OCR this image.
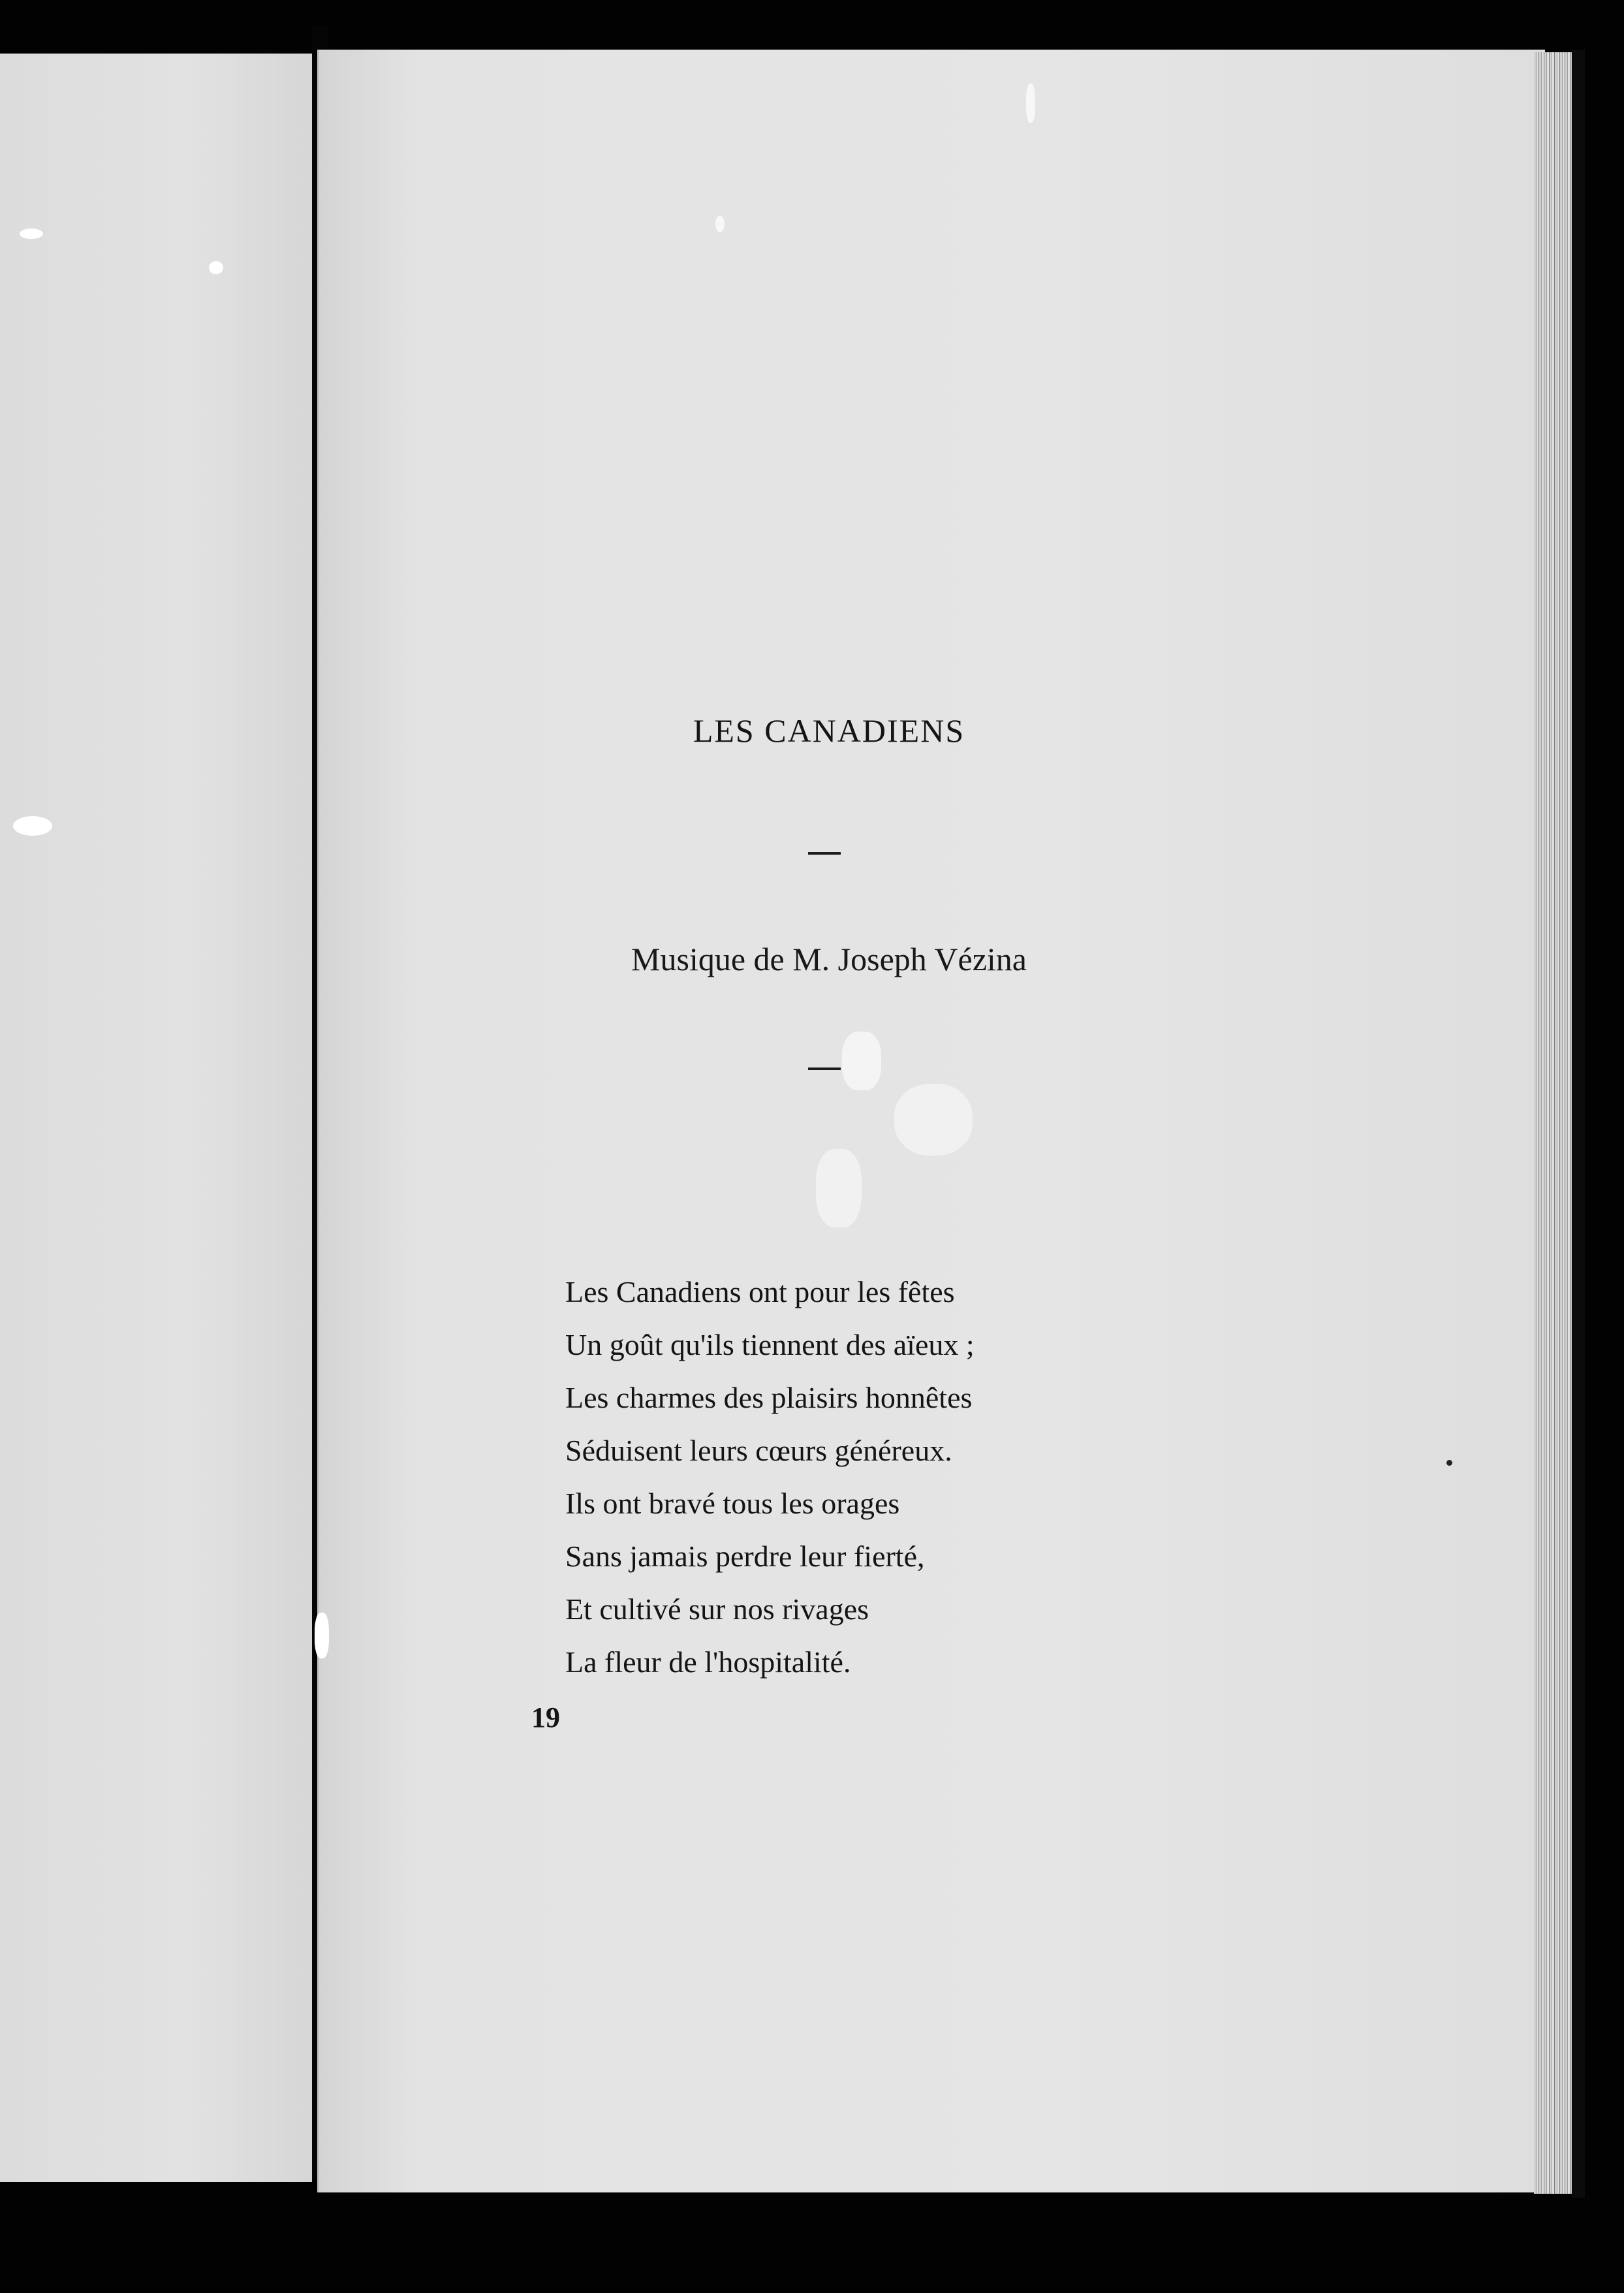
LES CANADIENS

Musique de M. Joseph Vézina

Les Canadiens ont pour les fêtes
Un goût qu'ils tiennent des aïeux ;
Les charmes des plaisirs honnêtes
Séduisent leurs cœurs généreux.
Ils ont bravé tous les orages
Sans jamais perdre leur fierté,
Et cultivé sur nos rivages
La fleur de l'hospitalité.

19
